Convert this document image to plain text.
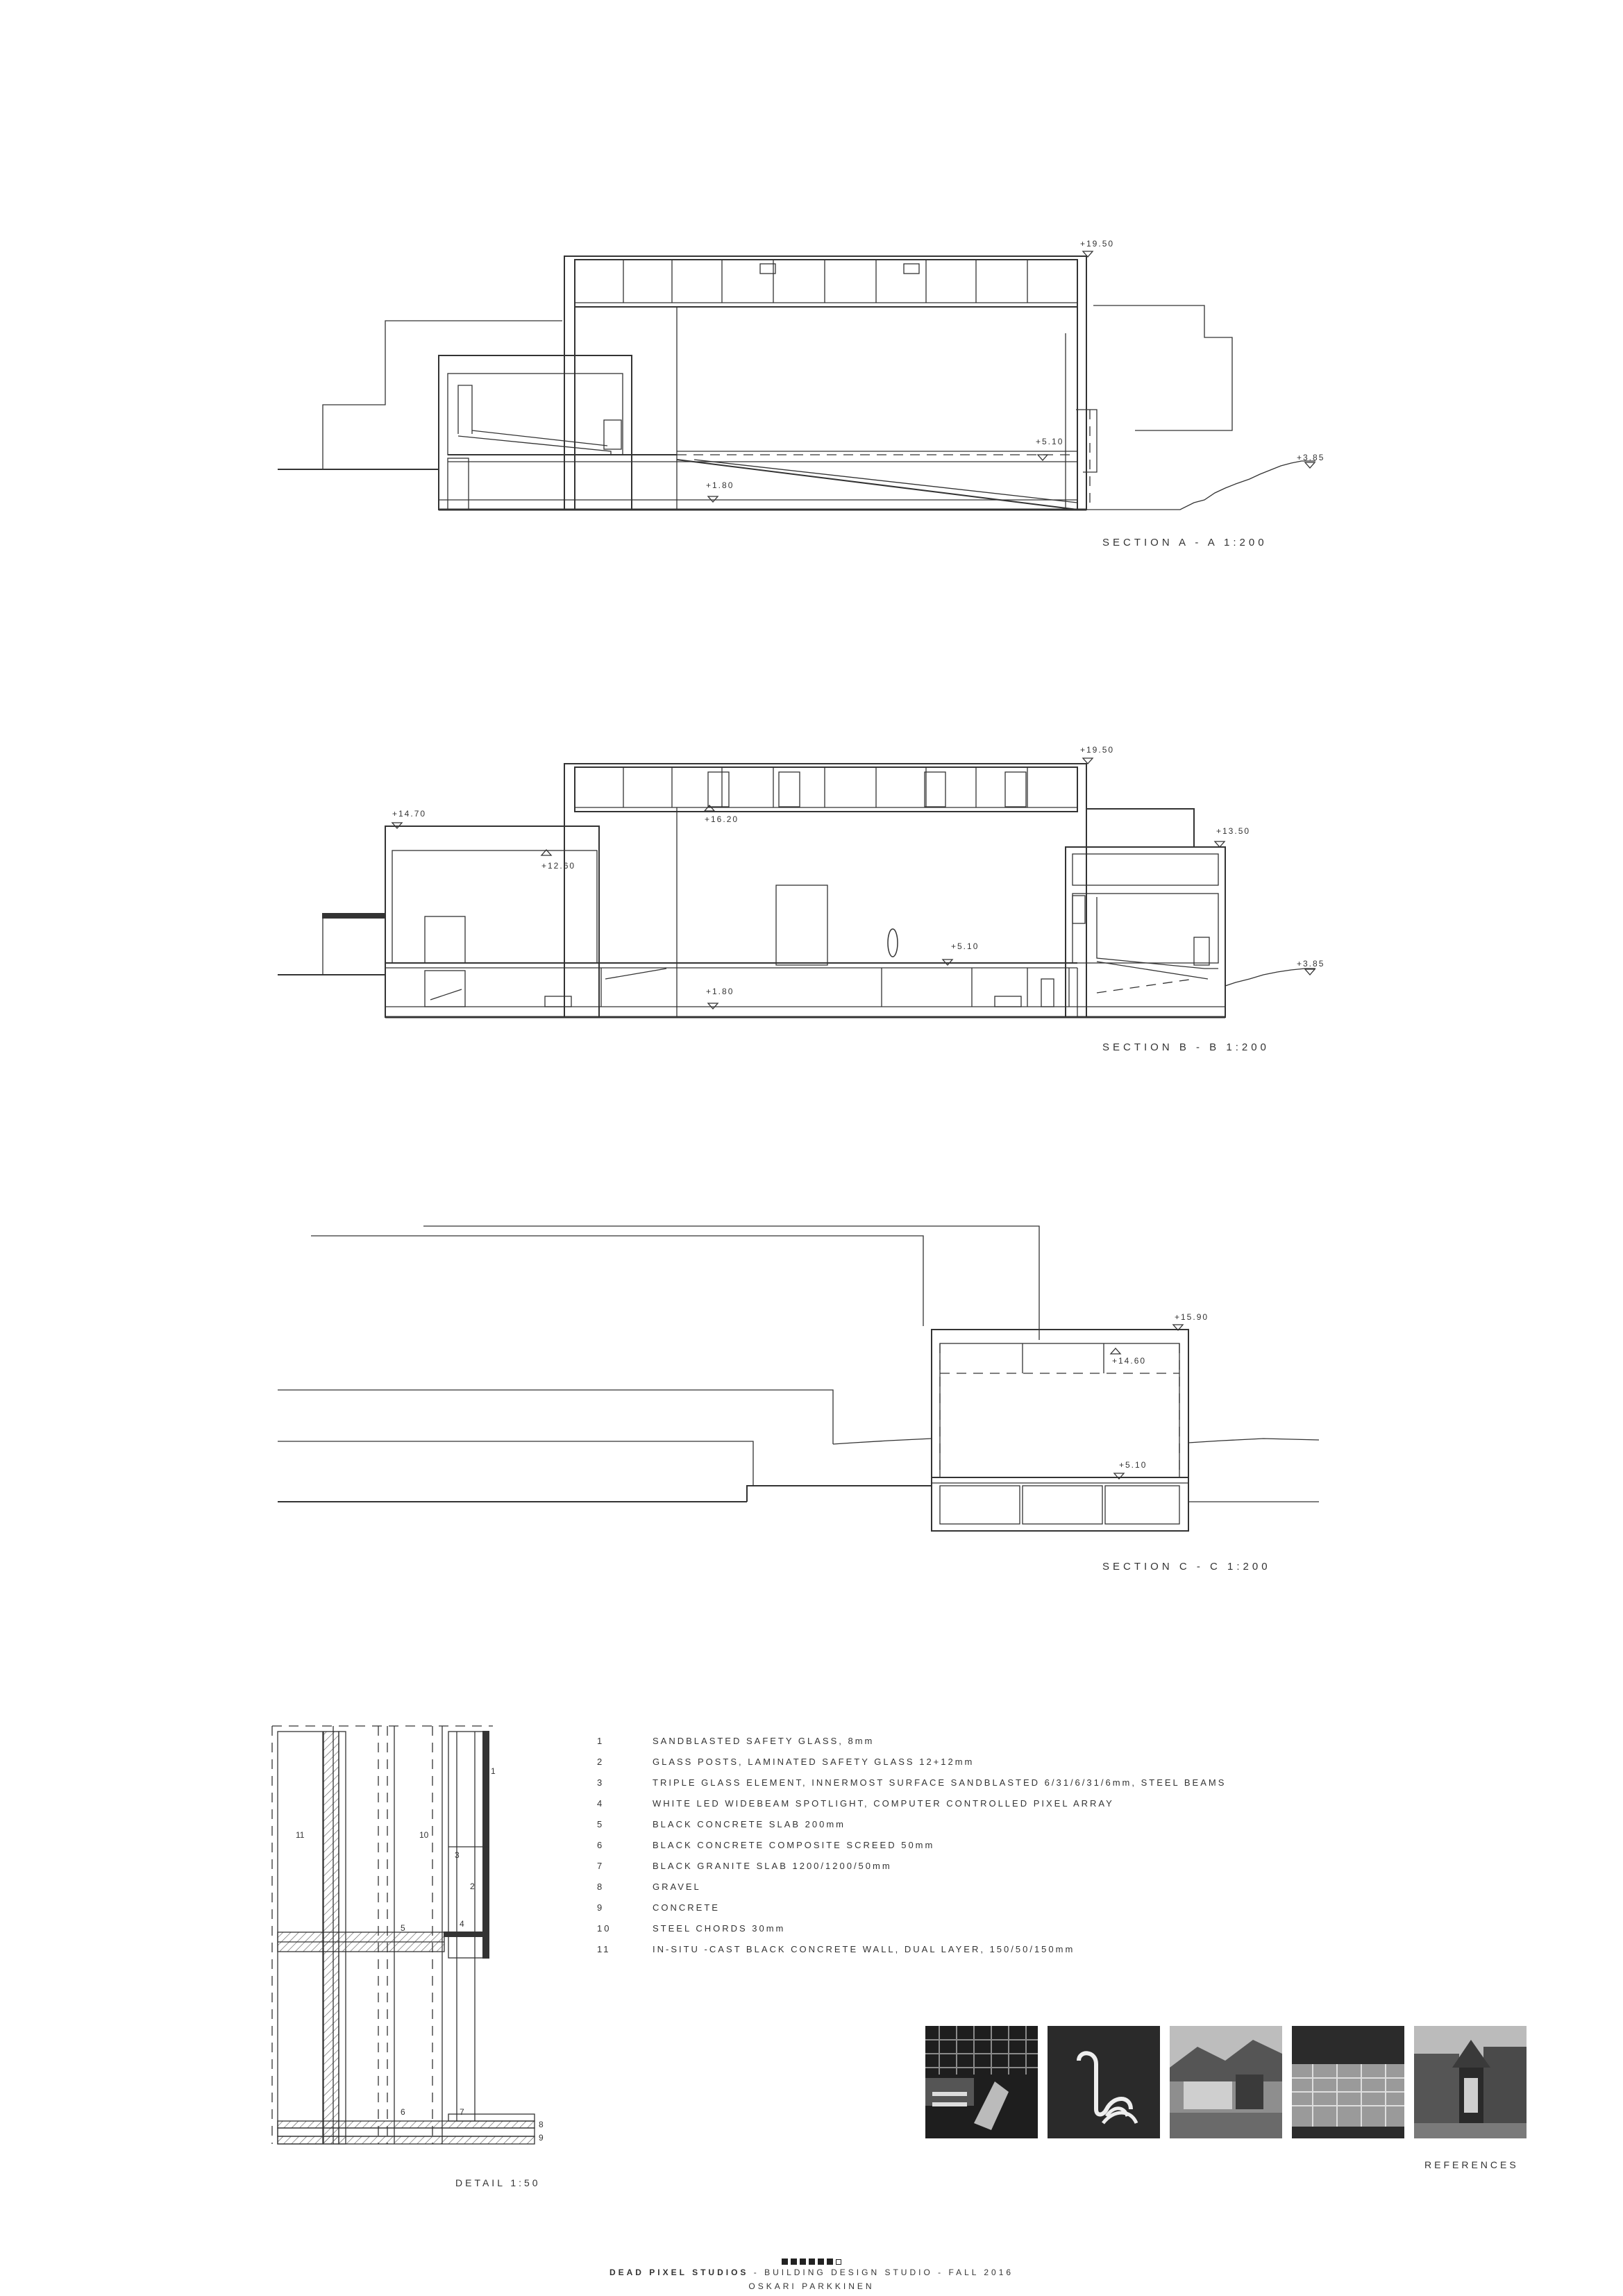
+19.50
+5.10
+1.80
+3.85
SECTION A - A 1:200
+19.50
+14.70
+16.20
+12.60
+13.50
+5.10
+3.85
+1.80
SECTION B - B 1:200
+15.90
+14.60
+5.10
SECTION C - C 1:200
1
2
3
4
5
6	7
8
9
10
11
DETAIL 1:50
1	SANDBLASTED SAFETY GLASS, 8mm
2	GLASS POSTS, LAMINATED SAFETY GLASS 12+12mm
3	TRIPLE GLASS ELEMENT, INNERMOST SURFACE SANDBLASTED 6/31/6/31/6mm, STEEL BEAMS
4	WHITE LED WIDEBEAM SPOTLIGHT, COMPUTER CONTROLLED PIXEL ARRAY
5	BLACK CONCRETE SLAB 200mm
6	BLACK CONCRETE COMPOSITE SCREED 50mm
7	BLACK GRANITE SLAB 1200/1200/50mm
8	GRAVEL
9	CONCRETE
10	STEEL CHORDS 30mm
11	IN-SITU -CAST BLACK CONCRETE WALL, DUAL LAYER, 150/50/150mm
REFERENCES
DEAD PIXEL STUDIOS - BUILDING DESIGN STUDIO - FALL 2016
OSKARI PARKKINEN
